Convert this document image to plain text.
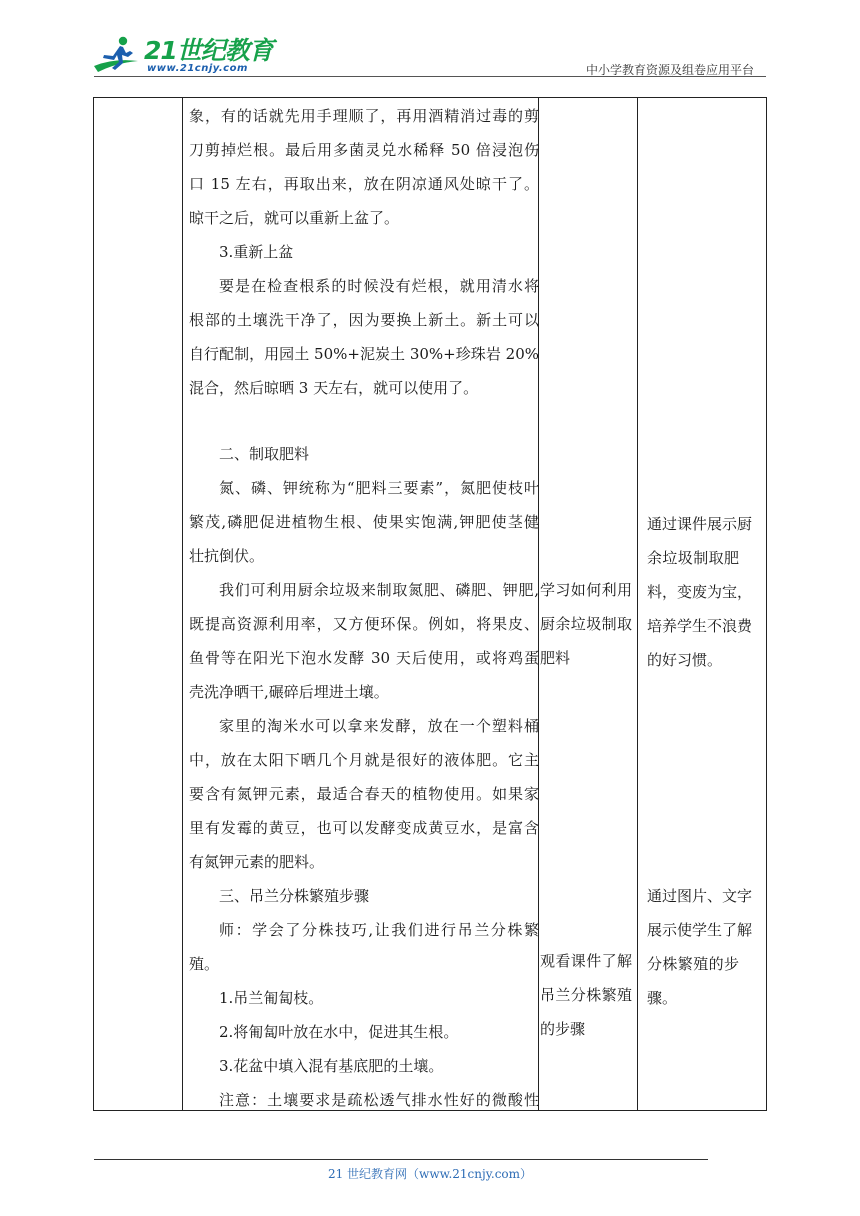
21世纪教育
www.21cnjy.com	中小学教育资源及组卷应用平台
象，有的话就先用手理顺了，再用酒精消过毒的剪
刀剪掉烂根。最后用多菌灵兑水稀释 50 倍浸泡伤
口 15 左右，再取出来，放在阴凉通风处晾干了。
晾干之后，就可以重新上盆了。
3.重新上盆
要是在检查根系的时候没有烂根，就用清水将
根部的土壤洗干净了，因为要换上新土。新土可以
自行配制，用园土 50%+泥炭土 30%+珍珠岩 20%
混合，然后晾晒 3 天左右，就可以使用了。
二、制取肥料
氮、磷、钾统称为“肥料三要素”，氮肥使枝叶
繁茂,磷肥促进植物生根、使果实饱满,钾肥使茎健
壮抗倒伏。
我们可利用厨余垃圾来制取氮肥、磷肥、钾肥,
既提高资源利用率，又方便环保。例如，将果皮、
鱼骨等在阳光下泡水发酵 30 天后使用，或将鸡蛋
壳洗净晒干,碾碎后埋进土壤。
家里的淘米水可以拿来发酵，放在一个塑料桶
中，放在太阳下晒几个月就是很好的液体肥。它主
要含有氮钾元素，最适合春天的植物使用。如果家
里有发霉的黄豆，也可以发酵变成黄豆水，是富含
有氮钾元素的肥料。
三、吊兰分株繁殖步骤
师：学会了分株技巧,让我们进行吊兰分株繁
殖。
1.吊兰匍匐枝。
2.将匍匐叶放在水中，促进其生根。
3.花盆中填入混有基底肥的土壤。
注意：土壤要求是疏松透气排水性好的微酸性
学习如何利用
厨余垃圾制取
肥料
观看课件了解
吊兰分株繁殖
的步骤
通过课件展示厨
余垃圾制取肥
料，变废为宝，
培养学生不浪费
的好习惯。
通过图片、文字
展示使学生了解
分株繁殖的步
骤。
21 世纪教育网（www.21cnjy.com）
